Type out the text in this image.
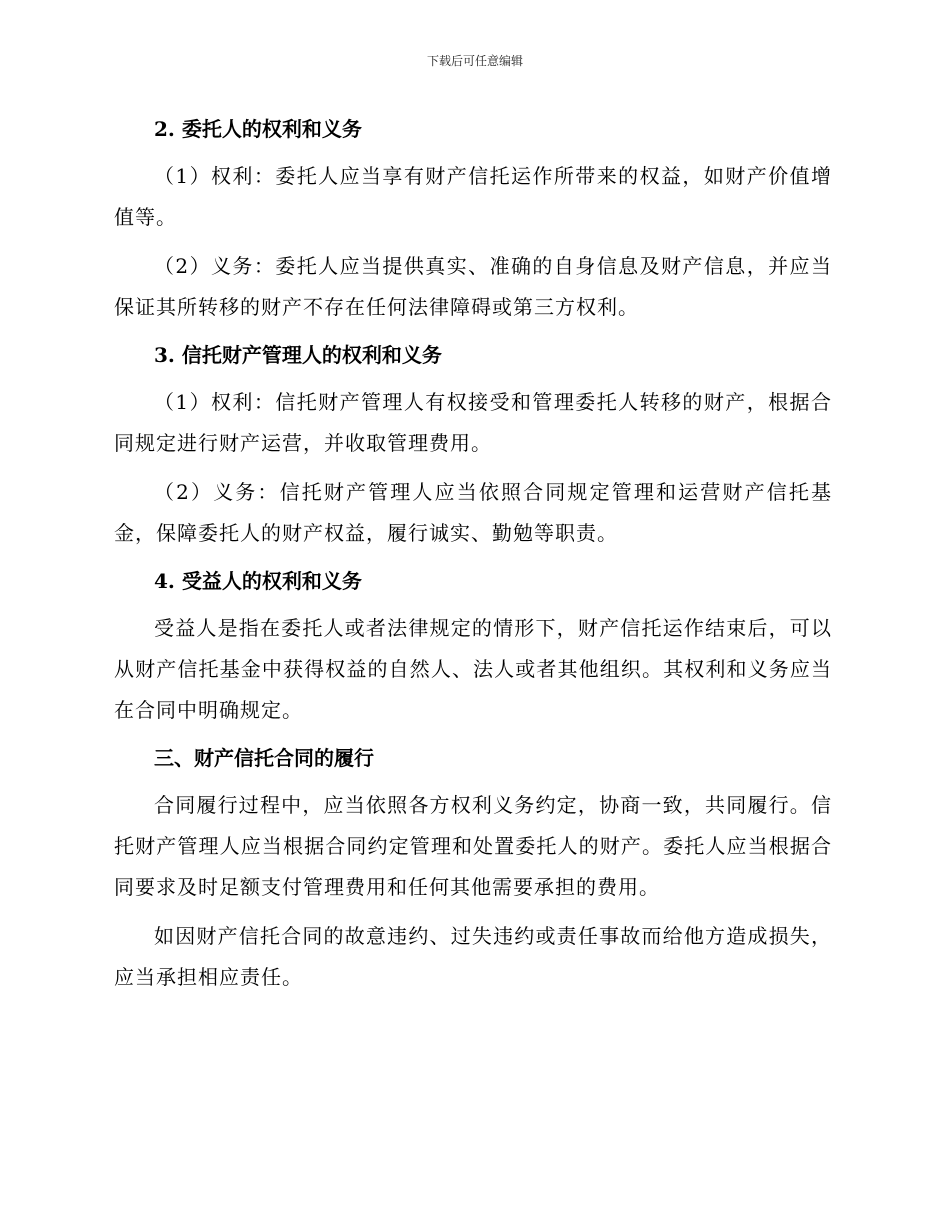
下载后可任意编辑
2. 委托人的权利和义务

（1）权利：委托人应当享有财产信托运作所带来的权益，如财产价值增值等。

（2）义务：委托人应当提供真实、准确的自身信息及财产信息，并应当保证其所转移的财产不存在任何法律障碍或第三方权利。

3. 信托财产管理人的权利和义务

（1）权利：信托财产管理人有权接受和管理委托人转移的财产，根据合同规定进行财产运营，并收取管理费用。

（2）义务：信托财产管理人应当依照合同规定管理和运营财产信托基金，保障委托人的财产权益，履行诚实、勤勉等职责。

4. 受益人的权利和义务

受益人是指在委托人或者法律规定的情形下，财产信托运作结束后，可以从财产信托基金中获得权益的自然人、法人或者其他组织。其权利和义务应当在合同中明确规定。

三、财产信托合同的履行

合同履行过程中，应当依照各方权利义务约定，协商一致，共同履行。信托财产管理人应当根据合同约定管理和处置委托人的财产。委托人应当根据合同要求及时足额支付管理费用和任何其他需要承担的费用。

如因财产信托合同的故意违约、过失违约或责任事故而给他方造成损失，应当承担相应责任。
